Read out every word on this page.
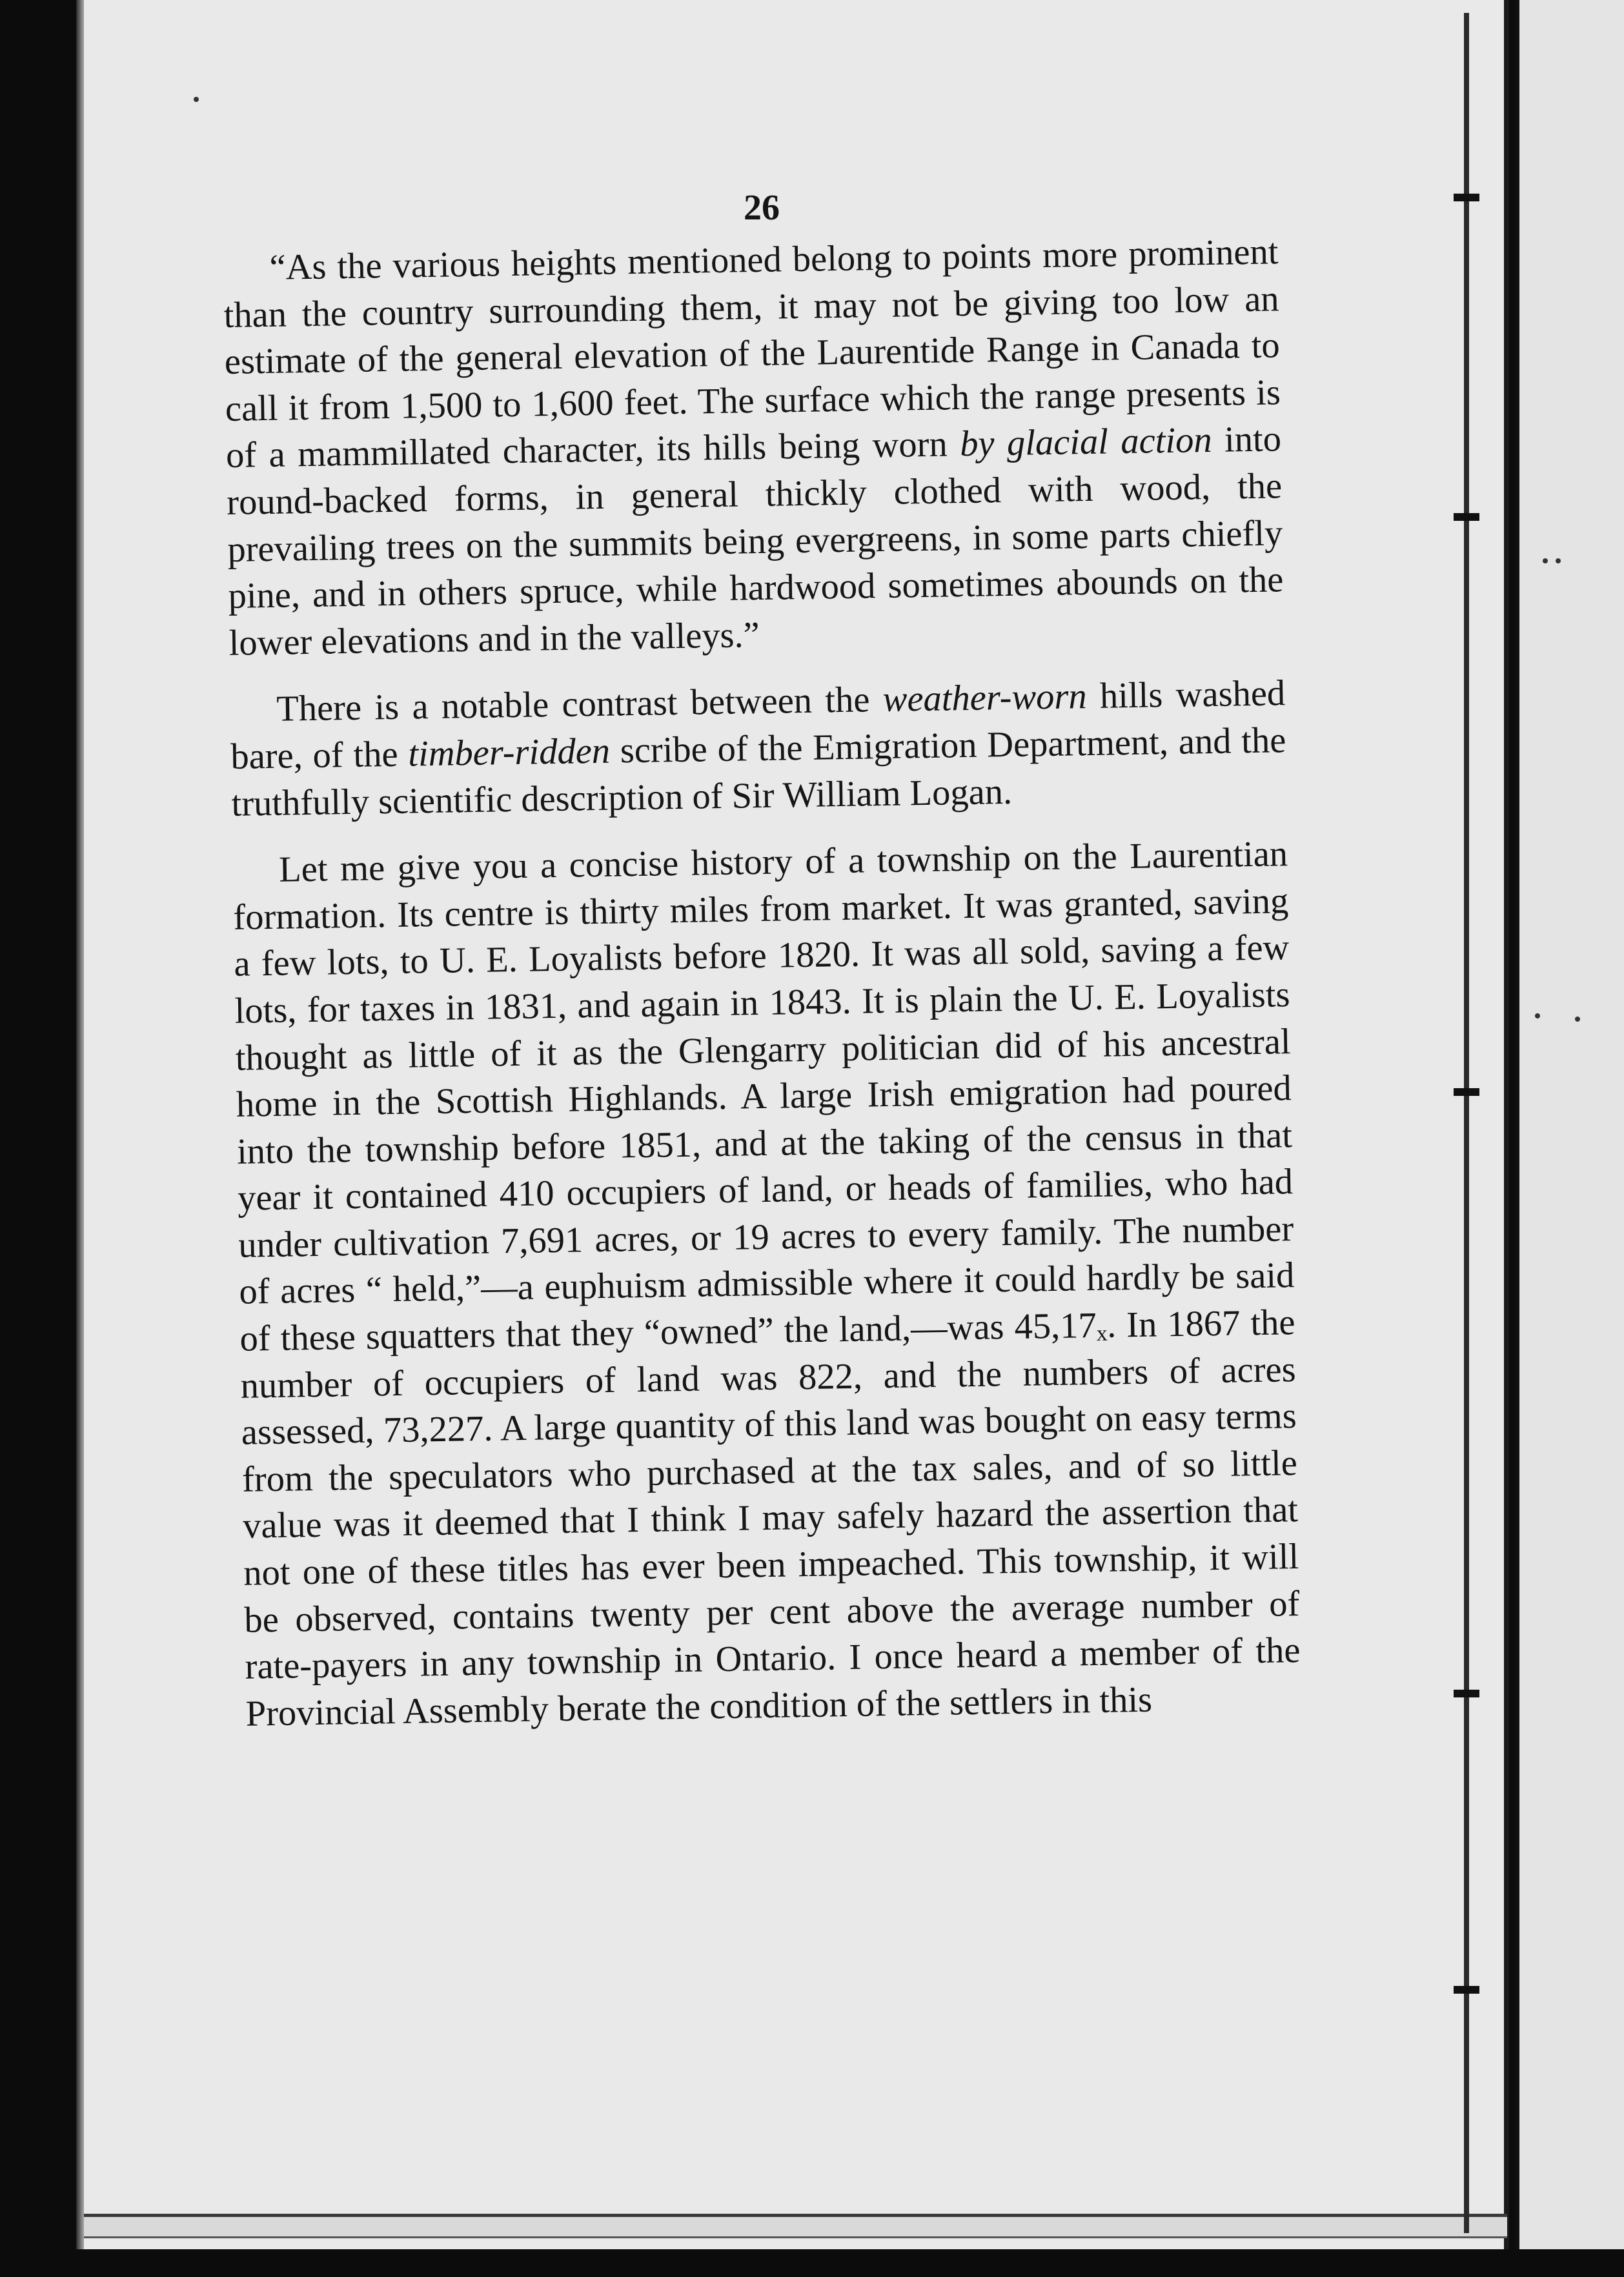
26

“As the various heights mentioned belong to points more prominent than the country surrounding them, it may not be giving too low an estimate of the general elevation of the Laurentide Range in Canada to call it from 1,500 to 1,600 feet. The surface which the range presents is of a mammillated character, its hills being worn by glacial action into round-backed forms, in general thickly clothed with wood, the prevailing trees on the summits being evergreens, in some parts chiefly pine, and in others spruce, while hardwood sometimes abounds on the lower elevations and in the valleys.”

There is a notable contrast between the weather-worn hills washed bare, of the timber-ridden scribe of the Emigration Department, and the truthfully scientific description of Sir William Logan.

Let me give you a concise history of a township on the Laurentian formation. Its centre is thirty miles from market. It was granted, saving a few lots, to U. E. Loyalists before 1820. It was all sold, saving a few lots, for taxes in 1831, and again in 1843. It is plain the U. E. Loyalists thought as little of it as the Glengarry politician did of his ancestral home in the Scottish Highlands. A large Irish emigration had poured into the township before 1851, and at the taking of the census in that year it contained 410 occupiers of land, or heads of families, who had under cultivation 7,691 acres, or 19 acres to every family. The number of acres “ held,”—a euphuism admissible where it could hardly be said of these squatters that they “owned” the land,—was 45,17ₓ. In 1867 the number of occupiers of land was 822, and the numbers of acres assessed, 73,227. A large quantity of this land was bought on easy terms from the speculators who purchased at the tax sales, and of so little value was it deemed that I think I may safely hazard the assertion that not one of these titles has ever been impeached. This township, it will be observed, contains twenty per cent above the average number of rate-payers in any township in Ontario. I once heard a member of the Provincial Assembly berate the condition of the settlers in this
